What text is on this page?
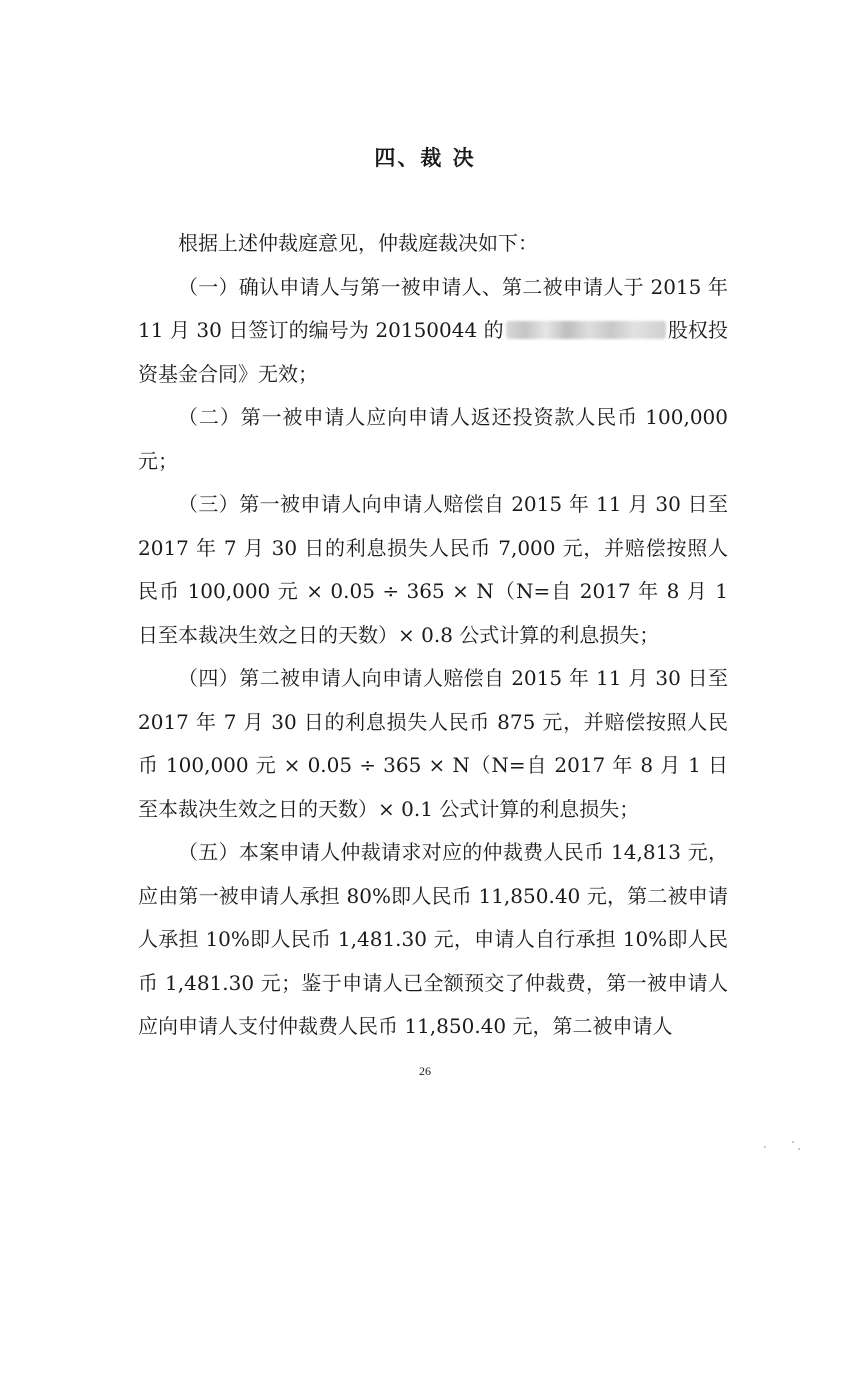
四、裁 决

根据上述仲裁庭意见，仲裁庭裁决如下：

（一）确认申请人与第一被申请人、第二被申请人于 2015 年 11 月 30 日签订的编号为 20150044 的	股权投资基金合同》无效；

（二）第一被申请人应向申请人返还投资款人民币 100,000 元；

（三）第一被申请人向申请人赔偿自 2015 年 11 月 30 日至 2017 年 7 月 30 日的利息损失人民币 7,000 元，并赔偿按照人民币 100,000 元 × 0.05 ÷ 365 × N（N=自 2017 年 8 月 1 日至本裁决生效之日的天数）× 0.8 公式计算的利息损失；

（四）第二被申请人向申请人赔偿自 2015 年 11 月 30 日至 2017 年 7 月 30 日的利息损失人民币 875 元，并赔偿按照人民币 100,000 元 × 0.05 ÷ 365 × N（N=自 2017 年 8 月 1 日至本裁决生效之日的天数）× 0.1 公式计算的利息损失；

（五）本案申请人仲裁请求对应的仲裁费人民币 14,813 元，应由第一被申请人承担 80%即人民币 11,850.40 元，第二被申请人承担 10%即人民币 1,481.30 元，申请人自行承担 10%即人民币 1,481.30 元；鉴于申请人已全额预交了仲裁费，第一被申请人应向申请人支付仲裁费人民币 11,850.40 元，第二被申请人

26
